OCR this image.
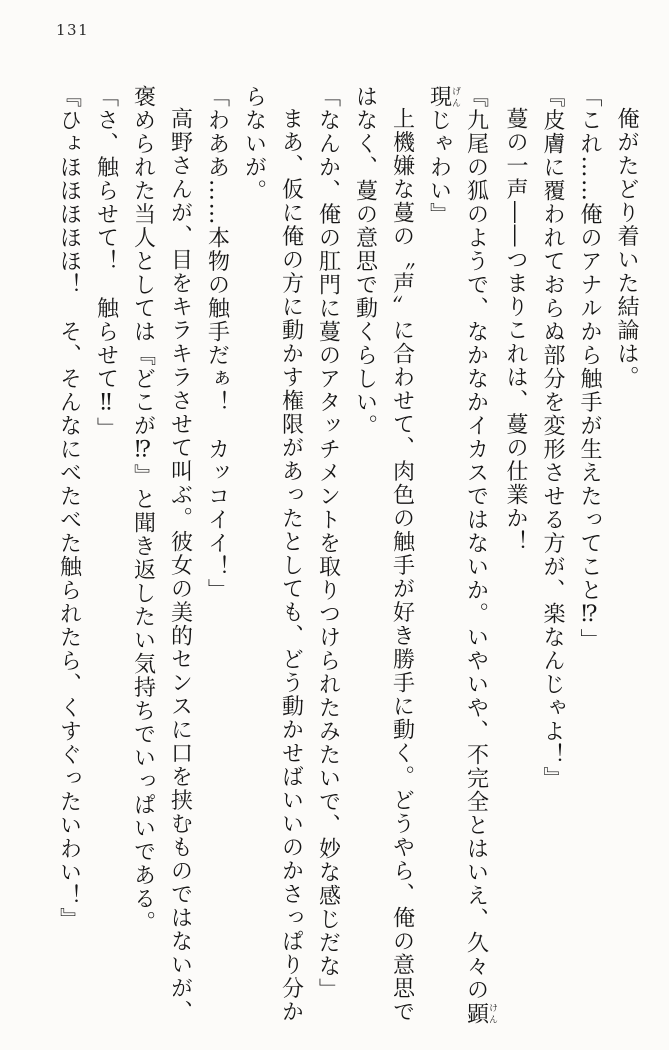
131

俺がたどり着いた結論は。

「これ……俺のアナルから触手が生えたってこと⁉」

『皮膚に覆われておらぬ部分を変形させる方が、楽なんじゃよ！』

蔓の一声――つまりこれは、蔓の仕業か！

『九尾の狐のようで、なかなかイカスではないか。いやいや、不完全とはいえ、久々の顕けん現げんじゃわい』

上機嫌な蔓の〝声〟に合わせて、肉色の触手が好き勝手に動く。どうやら、俺の意思ではなく、蔓の意思で動くらしい。

「なんか、俺の肛門に蔓のアタッチメントを取りつけられたみたいで、妙な感じだな」

まあ、仮に俺の方に動かす権限があったとしても、どう動かせばいいのかさっぱり分からないが。

「わああ……本物の触手だぁ！　カッコイイ！」

高野さんが、目をキラキラさせて叫ぶ。彼女の美的センスに口を挟むものではないが、褒められた当人としては『どこが⁉』と聞き返したい気持ちでいっぱいである。

「さ、触らせて！　触らせて‼」

『ひょほほほほほ！　そ、そんなにべたべた触られたら、くすぐったいわい！』
